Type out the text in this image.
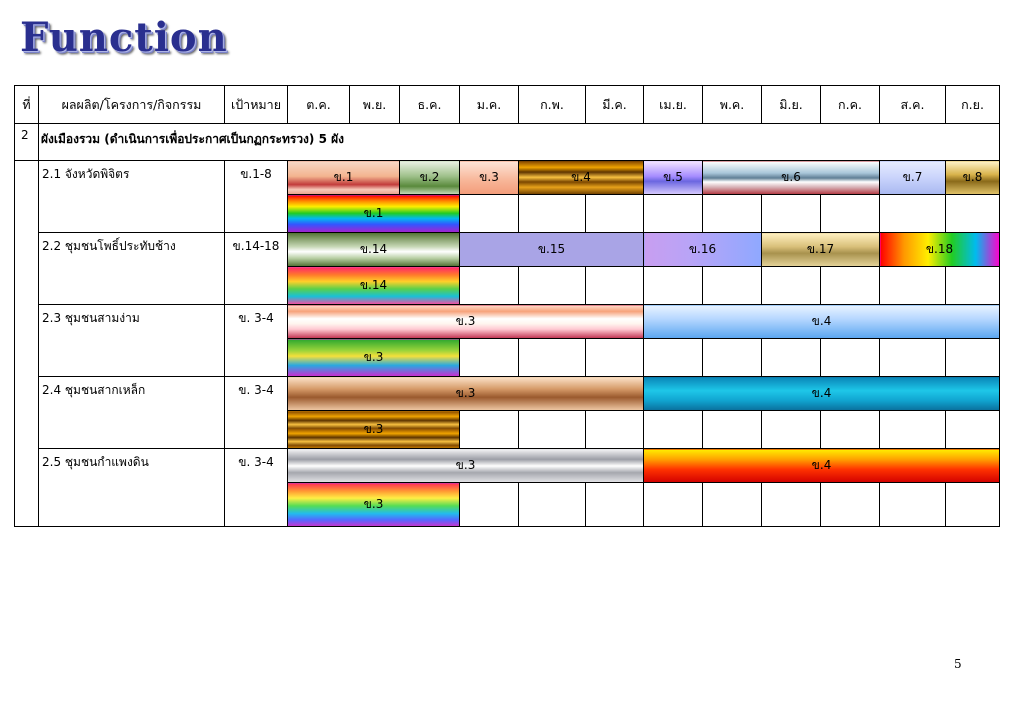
Function
ที่	ผลผลิต/โครงการ/กิจกรรม	เป้าหมาย	ต.ค.	พ.ย.	ธ.ค.	ม.ค.	ก.พ.	มี.ค.	เม.ย.	พ.ค.	มิ.ย.	ก.ค.	ส.ค.	ก.ย.
2	ผังเมืองรวม (ดำเนินการเพื่อประกาศเป็นกฏกระทรวง) 5 ผัง													
	2.1 จังหวัดพิจิตร	ข.1-8	ข.1		ข.2	ข.3	ข.4		ข.5	ข.6			ข.7	ข.8

			ข.1											

	2.2 ชุมชนโพธิ์ประทับช้าง	ข.14-18	ข.14			ข.15			ข.16		ข.17		ข.18	

			ข.14											

	2.3 ชุมชนสามง่าม	ข. 3-4	ข.3						ข.4					

			ข.3											

	2.4 ชุมชนสากเหล็ก	ข. 3-4	ข.3						ข.4					

			ข.3											

	2.5 ชุมชนกำแพงดิน	ข. 3-4	ข.3						ข.4					

			ข.3											

5
